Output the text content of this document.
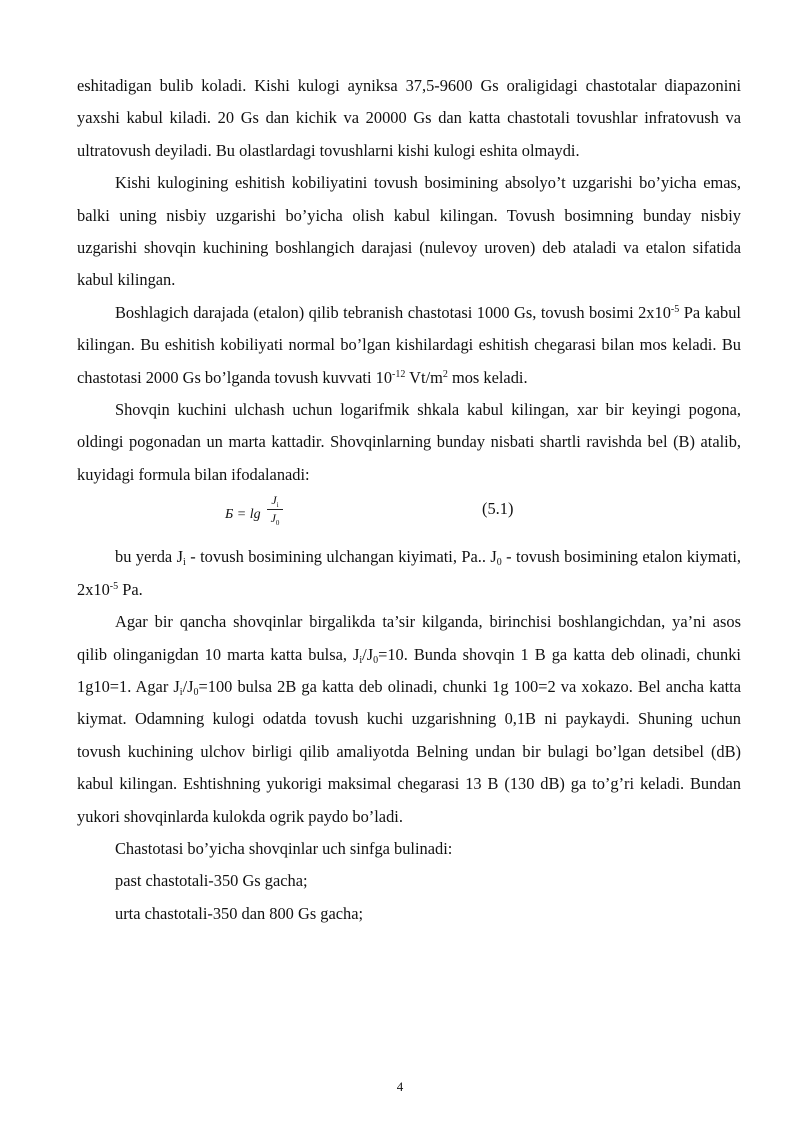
eshitadigan bulib koladi. Kishi kulogi ayniksa 37,5-9600 Gs oraligidagi chastotalar diapazonini yaxshi kabul kiladi. 20 Gs dan kichik va 20000 Gs dan katta chastotali tovushlar infratovush va ultratovush deyiladi. Bu olastlardagi tovushlarni kishi kulogi eshita olmaydi.

Kishi kulogining eshitish kobiliyatini tovush bosimining absolyo’t uzgarishi bo’yicha emas, balki uning nisbiy uzgarishi bo’yicha olish kabul kilingan. Tovush bosimning bunday nisbiy uzgarishi shovqin kuchining boshlangich darajasi (nulevoy uroven) deb ataladi va etalon sifatida kabul kilingan.

Boshlagich darajada (etalon) qilib tebranish chastotasi 1000 Gs, tovush bosimi $2x10^{-5}$ Pa kabul kilingan. Bu eshitish kobiliyati normal bo’lgan kishilardagi eshitish chegarasi bilan mos keladi. Bu chastotasi 2000 Gs bo’lganda tovush kuvvati $10^{-12}$ $Vt/m^2$ mos keladi.

Shovqin kuchini ulchash uchun logarifmik shkala kabul kilingan, xar bir keyingi pogona, oldingi pogonadan un marta kattadir. Shovqinlarning bunday nisbati shartli ravishda bel (B) atalib, kuyidagi formula bilan ifodalanadi:

$Б = \lg \frac{J_i}{J_0}$	(5.1)

bu yerda $J_i$ - tovush bosimining ulchangan kiyimati, Pa.. $J_0$ - tovush bosimining etalon kiymati, $2x10^{-5}$ Pa.

Agar bir qancha shovqinlar birgalikda ta’sir kilganda, birinchisi boshlangichdan, ya’ni asos qilib olinganigdan 10 marta katta bulsa, $J_i/J_0=10$. Bunda shovqin 1 B ga katta deb olinadi, chunki 1g10=1. Agar $J_i/J_0=100$ bulsa 2B ga katta deb olinadi, chunki 1g 100=2 va xokazo. Bel ancha katta kiymat. Odamning kulogi odatda tovush kuchi uzgarishning 0,1B ni paykaydi. Shuning uchun tovush kuchining ulchov birligi qilib amaliyotda Belning undan bir bulagi bo’lgan detsibel (dB) kabul kilingan. Eshtishning yukorigi maksimal chegarasi 13 B (130 dB) ga to’g’ri keladi. Bundan yukori shovqinlarda kulokda ogrik paydo bo’ladi.

Chastotasi bo’yicha shovqinlar uch sinfga bulinadi:

past chastotali-350 Gs gacha;

urta chastotali-350 dan 800 Gs gacha;

4
